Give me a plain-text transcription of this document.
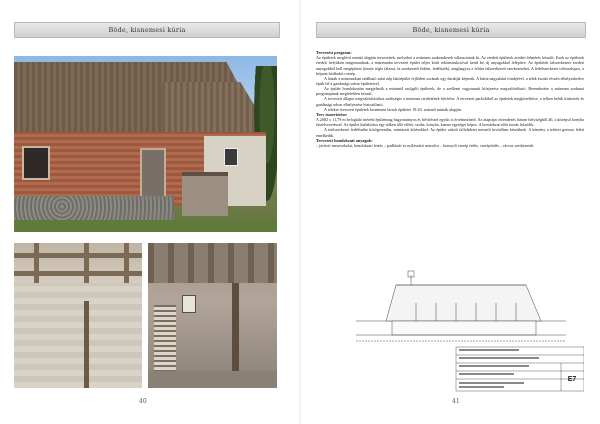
Böde, kisnemesi kúria
40
Böde, kisnemesi kúria
Tervezési program:

Az épületek meglévő mintái alapján tervezettek, melyeket a múzeum szakemberek válaszottnak ki. Az eredeti épületek eredeti felmérés készült. Ezek az épületek eredeti helyükön megmaradnak, a múzeumba tervezett épület teljes körű rekonstrukcióval kerül be, új anyagokkal felépítve. Az épületek falszerkezete eredeti anyagokból kell megépíteni (tömör tégla falazat, fa szerkezetű födém, fedélszék), meghagyva a feltárt falszerkezeti szerkezeteket. A fedélszerkezet tolóoszlopos, a héjazat hódfarkú cserép.

A házak a múzeumban található zalai nép lakóépület fejlődési sorának egy darabját képezik. A kúria nagyalakú tömbjével, a telek északi részén elhelyezkedve épült fel a gazdasági udvar épületeivel.

Az épület homlokzatán megjeleník a minimál szolgáló épületek, de a szellemi vagyonunk kifejezése megvalósítható. Berendezése a múzeum szakmai programjának megfelelően készül.

A tervezett állapot megvalósításához szükséges a múzeum területének bővítése. A tervezett parkolóból az épületek megközelítése, a telken belüli kiskertek és gazdasági udvar elhelyezése biztosítható.

A telekre tervezett épületek kisnemesi birtok épületei 19-20. századi minták alapján.

Terv ismertetése:

A 2082 x 11,79 m befoglaló méretű épületmag hagyományos és bővítéssel együtt is értelmezhető. Az alaprajzi elrendezés három helyiségből áll, a középső konyha füstelvezetéssel. Az épület kialakítása egy telken álló előtér, szoba, konyha, kamra egységet képez. A homlokzat előtt tornác húzódik.

A tetőszerkezet fedélszéke kötőgerendás, mintázott kötésekkel. Az épület vakolt falfelületei meszelt kivitelben készülnek. A kémény a tetőzet gerince felett emelkedik.

Tervezett homlokzati anyagok:

– javított meszvakolat, homlokzati festés – padlástér fa nyílászáró mázolva – hornyolt cserép fedés, cserépfedés – rácsos szerkezetek.

E7
41
